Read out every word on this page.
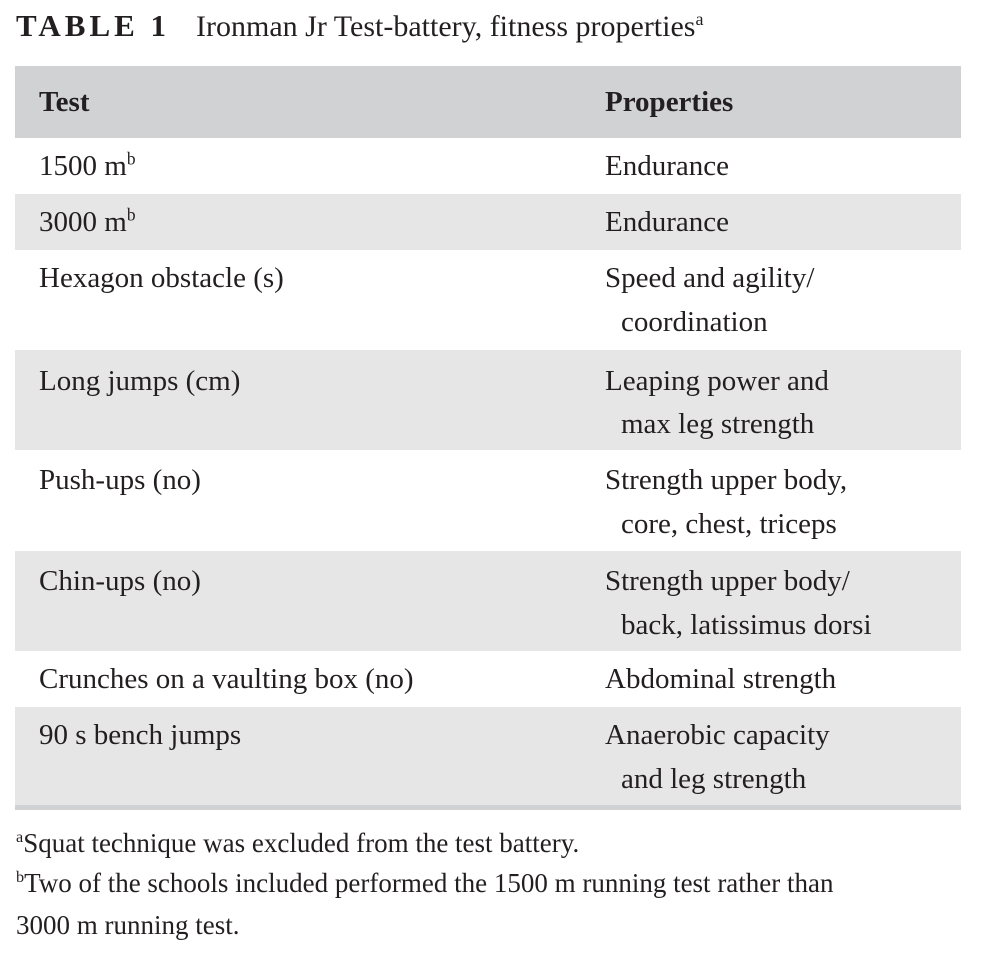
TABLE 1 Ironman Jr Test-battery, fitness properties$^a$
Test	Properties
1500 $m^b$	Endurance
3000 $m^b$	Endurance
Hexagon obstacle (s)	Speed and agility/
coordination
Long jumps (cm)	Leaping power and
max leg strength
Push-ups (no)	Strength upper body,
core, chest, triceps
Chin-ups (no)	Strength upper body/
back, latissimus dorsi
Crunches on a vaulting box (no)	Abdominal strength
90 s bench jumps	Anaerobic capacity
and leg strength
$^a$Squat technique was excluded from the test battery.
$^b$Two of the schools included performed the 1500 m running test rather than
3000 m running test.
